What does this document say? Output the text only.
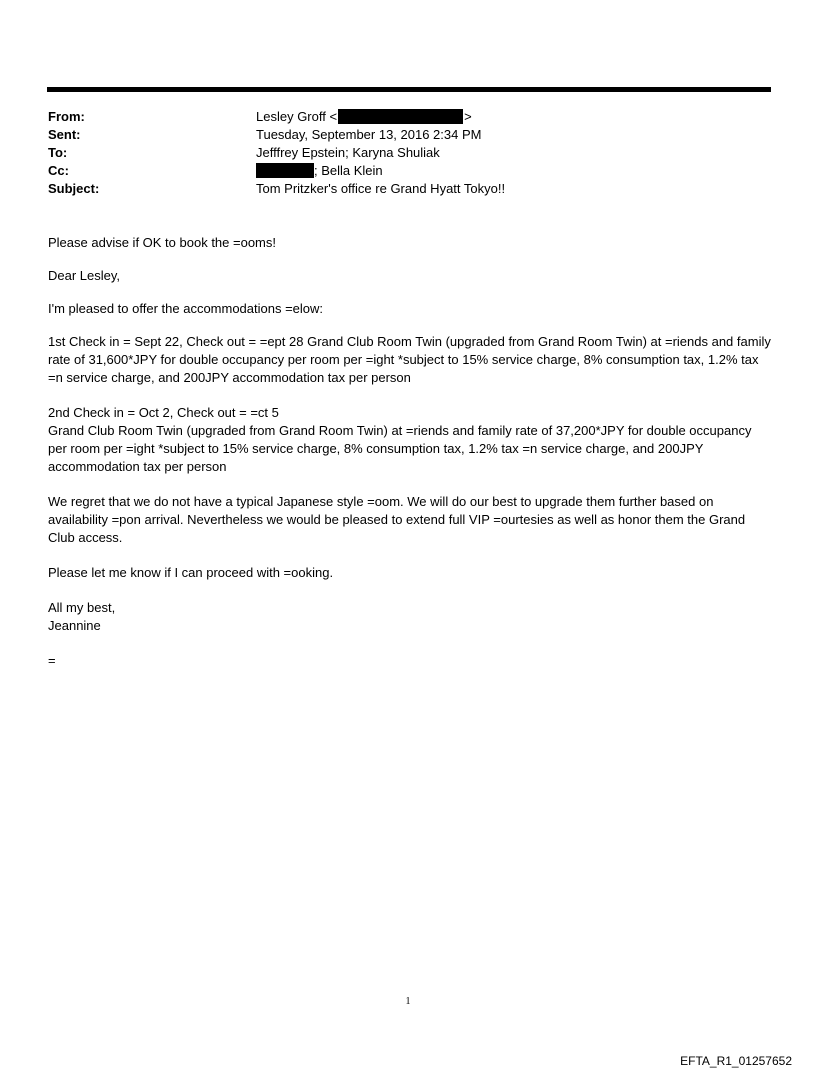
From:	Lesley Groff <	>
Sent:	Tuesday, September 13, 2016 2:34 PM
To:	Jefffrey Epstein; Karyna Shuliak
Cc:	; Bella Klein
Subject:	Tom Pritzker's office re Grand Hyatt Tokyo!!

Please advise if OK to book the =ooms!

Dear Lesley,

I'm pleased to offer the accommodations =elow:

1st Check in = Sept 22, Check out = =ept 28 Grand Club Room Twin (upgraded from Grand Room Twin) at =riends and family rate of 31,600*JPY for double occupancy per room per =ight *subject to 15% service charge, 8% consumption tax, 1.2% tax =n service charge, and 200JPY accommodation tax per person

2nd Check in = Oct 2, Check out = =ct 5
Grand Club Room Twin (upgraded from Grand Room Twin) at =riends and family rate of 37,200*JPY for double occupancy per room per =ight *subject to 15% service charge, 8% consumption tax, 1.2% tax =n service charge, and 200JPY accommodation tax per person

We regret that we do not have a typical Japanese style =oom. We will do our best to upgrade them further based on availability =pon arrival. Nevertheless we would be pleased to extend full VIP =ourtesies as well as honor them the Grand Club access.

Please let me know if I can proceed with =ooking.

All my best,
Jeannine

=

1
EFTA_R1_01257652
